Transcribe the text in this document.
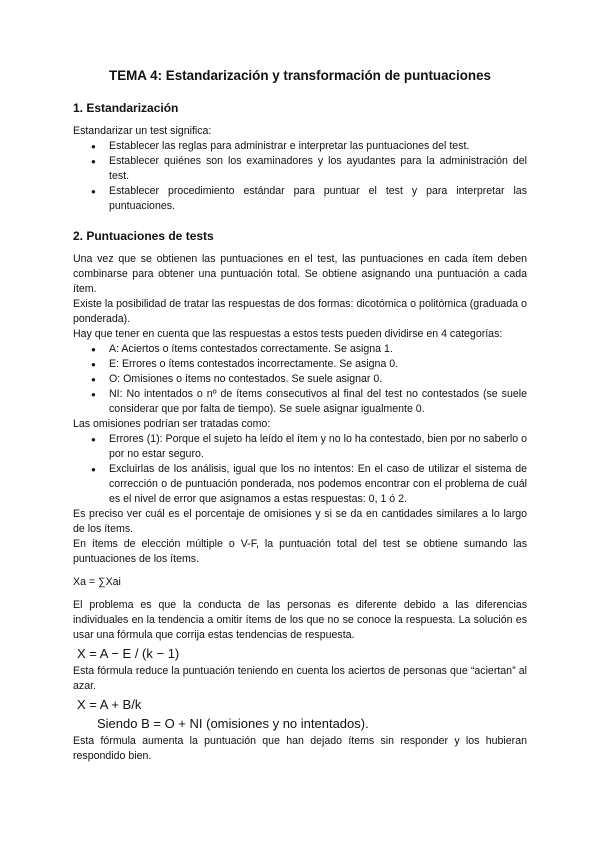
TEMA 4: Estandarización y transformación de puntuaciones
1. Estandarización

Estandarizar un test significa:

● Establecer las reglas para administrar e interpretar las puntuaciones del test.
● Establecer quiénes son los examinadores y los ayudantes para la administración del test.
● Establecer procedimiento estándar para puntuar el test y para interpretar las puntuaciones.
2. Puntuaciones de tests

Una vez que se obtienen las puntuaciones en el test, las puntuaciones en cada ítem deben combinarse para obtener una puntuación total. Se obtiene asignando una puntuación a cada ítem.

Existe la posibilidad de tratar las respuestas de dos formas: dicotómica o politómica (graduada o ponderada).

Hay que tener en cuenta que las respuestas a estos tests pueden dividirse en 4 categorías:

● A: Aciertos o ítems contestados correctamente. Se asigna 1.
● E: Errores o ítems contestados incorrectamente. Se asigna 0.
● O: Omisiones o ítems no contestados. Se suele asignar 0.
● NI: No intentados o nº de ítems consecutivos al final del test no contestados (se suele considerar que por falta de tiempo). Se suele asignar igualmente 0.

Las omisiones podrían ser tratadas como:

● Errores (1): Porque el sujeto ha leído el ítem y no lo ha contestado, bien por no saberlo o por no estar seguro.
● Excluirlas de los análisis, igual que los no intentos: En el caso de utilizar el sistema de corrección o de puntuación ponderada, nos podemos encontrar con el problema de cuál es el nivel de error que asignamos a estas respuestas: 0, 1 ó 2.

Es preciso ver cuál es el porcentaje de omisiones y si se da en cantidades similares a lo largo de los ítems.

En ítems de elección múltiple o V-F, la puntuación total del test se obtiene sumando las puntuaciones de los ítems.

Xa = ∑Xai

El problema es que la conducta de las personas es diferente debido a las diferencias individuales en la tendencia a omitir ítems de los que no se conoce la respuesta. La solución es usar una fórmula que corrija estas tendencias de respuesta.

X = A − E / (k − 1)

Esta fórmula reduce la puntuación teniendo en cuenta los aciertos de personas que “aciertan” al azar.

X = A + B/k
Siendo B = O + NI (omisiones y no intentados).

Esta fórmula aumenta la puntuación que han dejado ítems sin responder y los hubieran respondido bien.
